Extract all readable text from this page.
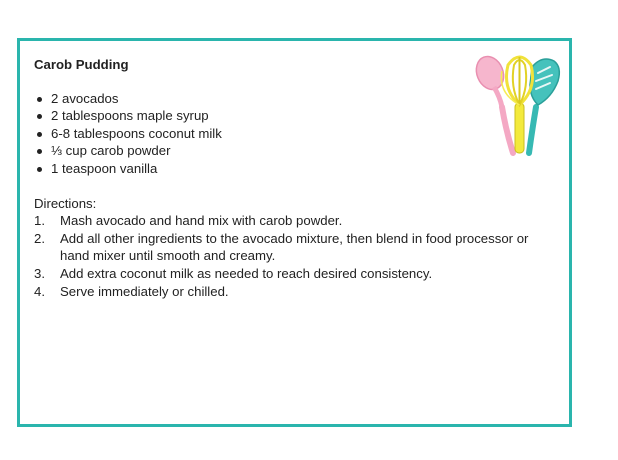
Carob Pudding
2 avocados
2 tablespoons maple syrup
6-8 tablespoons coconut milk
⅓ cup carob powder
1 teaspoon vanilla
Directions:
1. Mash avocado and hand mix with carob powder.
2. Add all other ingredients to the avocado mixture, then blend in food processor or hand mixer until smooth and creamy.
3. Add extra coconut milk as needed to reach desired consistency.
4. Serve immediately or chilled.
